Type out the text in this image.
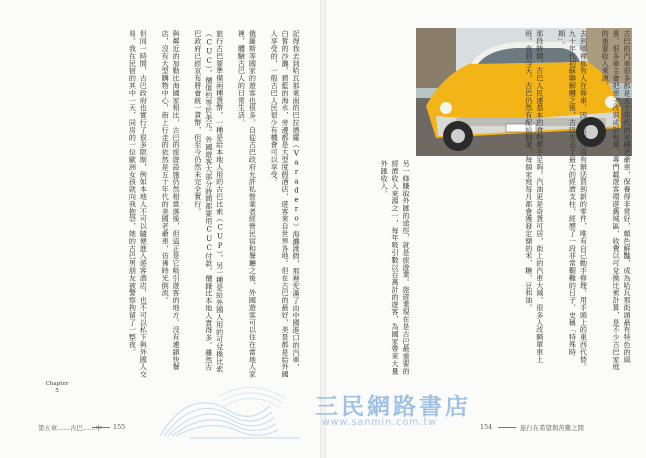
古巴的汽車很多都是五十年代的美國老爺車，保養得非常好，顏色鮮豔，成為哈瓦那街頭最有特色的風景。很多車主會把車子改裝成計程車，專門載遊客環遊舊城區，收費以可兌換比索計算，是不少古巴家庭的重要收入來源。

去到哪裡都有人在修車，因為古巴人沒有辦法買到新的零件，唯有自己動手修理，用手頭上的東西代替。九十年代初蘇聯解體之後，古巴失去了最大的經濟支柱，經歷了一段非常艱難的日子，史稱「特殊時期」。

那段時間，古巴人民連基本的食物都不足夠，汽油更是奇貨可居，街上的汽車大減，很多人改騎單車上班。直到今天，古巴仍然有配給制度，每個家庭每月都會獲發定額的米、糖、豆和油。
另一條賺取外匯的途徑，就是旅遊業。旅遊業現在是古巴最重要的經濟收入來源之一，每年吸引數以百萬計的遊客，為國家帶來大量外匯收入。
記得我去到哈瓦那東面的巴拉德羅（Varadero）海灘渡假，那裡充滿了由中國進口的汽車，白皙的沙灘，碧藍的海水，旁邊都是大型度假酒店，遊客來自世界各地。但在古巴的最好，美景都是給外國人享受的，一般古巴人民很少有機會可以享受。

俄羅斯等國家的遊客也很多。自從古巴政府允許私營業者經營民宿和餐廳之後，外國遊客可以住在當地人家裡，體驗古巴人的日常生活。

旅行古巴要準備兩種貨幣，一種是給本地人用的古巴比索（CUP），另一種是給外國人用的可兌換比索（CUC），價值約等於美元。外國遊客大部分時間都要用CUC付款，價錢比本地人貴得多。雖然古巴政府已經宣布將會統一貨幣，但至今仍然未完全實行。

與鄰近的加勒比海國家相比，古巴的旅遊設施仍然相當落後，但這正是它吸引遊客的地方。沒有連鎖快餐店，沒有大型購物中心，街上行走的依然是五十年代的美國老爺車，彷彿時光倒流。

但同一時間，古巴政府也實行了很多限制，例如本地人不可以隨便進入遊客酒店，也不可以私下與外國人交易。我在民宿的其中一天，同房的一位歐洲女孩就向我抱怨，她的古巴男朋友被警察拘留了一整夜。
Chapter
5
第五章……古巴……中 155	154	旅行在希望與苦難之間
三民網路書店
www.sanmin.com.tw
